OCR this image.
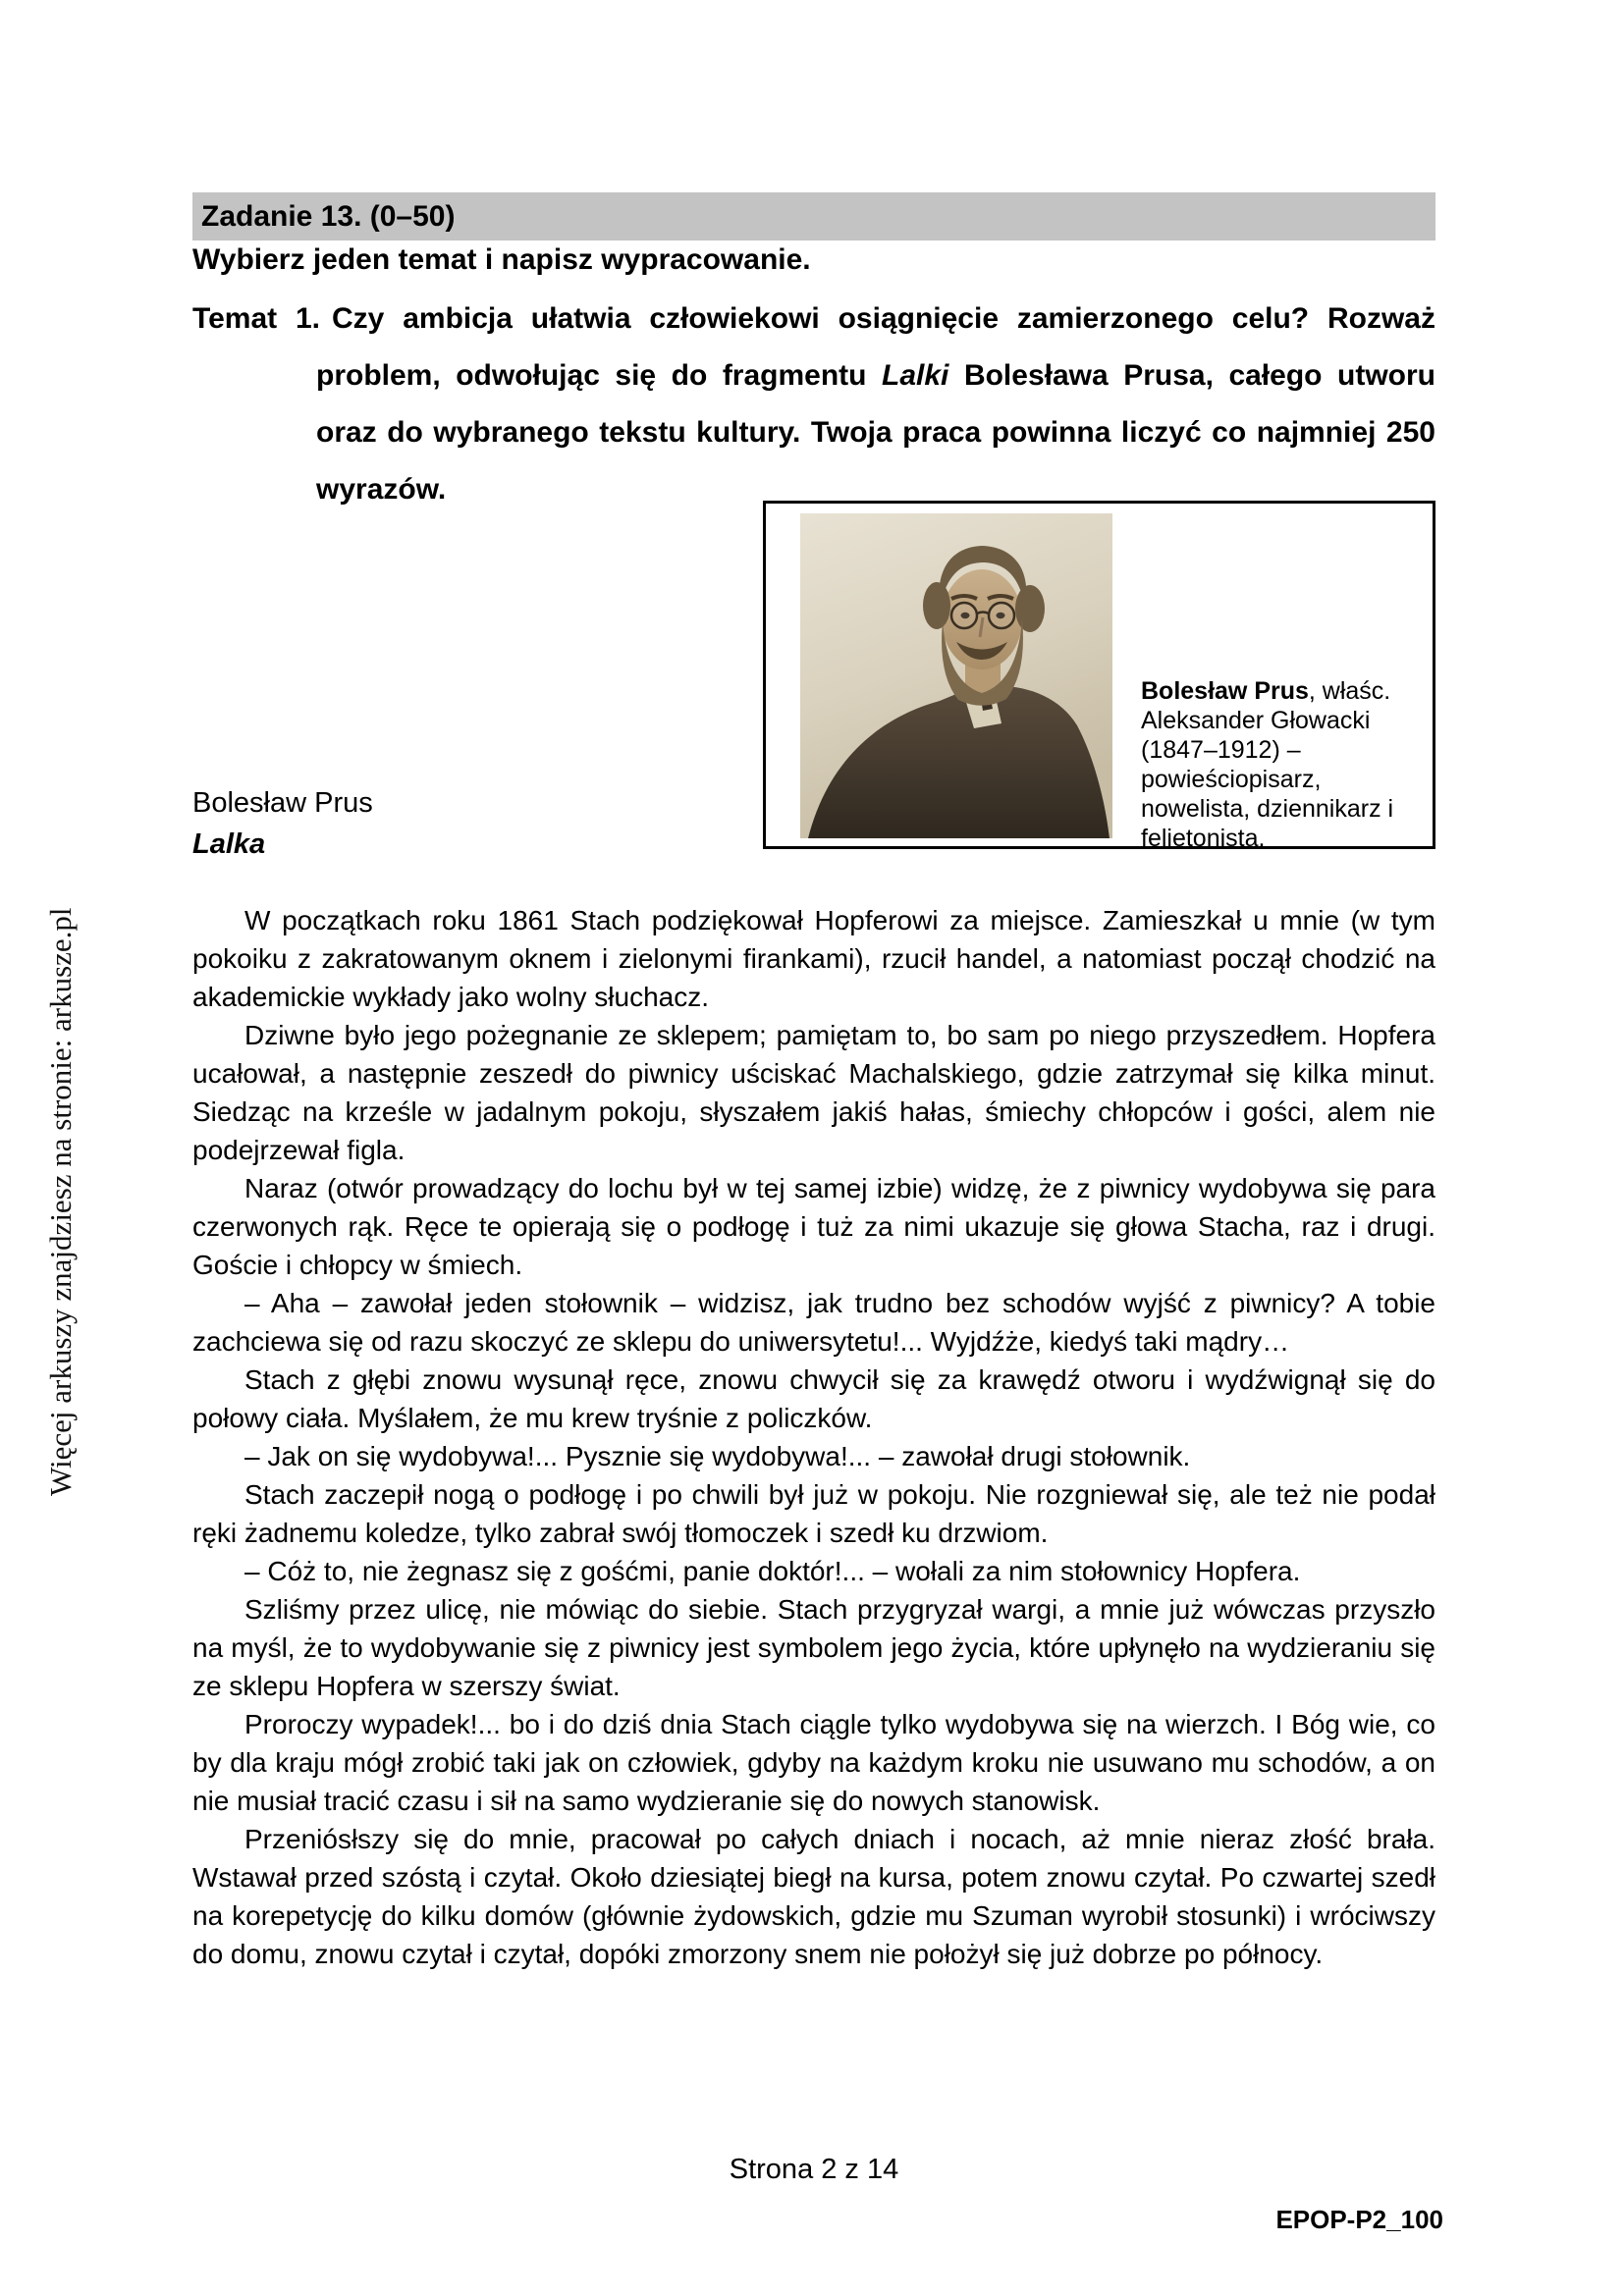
Więcej arkuszy znajdziesz na stronie: arkusze.pl
Zadanie 13. (0–50)

Wybierz jeden temat i napisz wypracowanie.

Temat 1. Czy ambicja ułatwia człowiekowi osiągnięcie zamierzonego celu? Rozważ problem, odwołując się do fragmentu Lalki Bolesława Prusa, całego utworu oraz do wybranego tekstu kultury. Twoja praca powinna liczyć co najmniej 250 wyrazów.

Bolesław Prus, właśc. Aleksander Głowacki (1847–1912) – powieściopisarz, nowelista, dziennikarz i felietonista.

Bolesław Prus

Lalka

W początkach roku 1861 Stach podziękował Hopferowi za miejsce. Zamieszkał u mnie (w tym pokoiku z zakratowanym oknem i zielonymi firankami), rzucił handel, a natomiast począł chodzić na akademickie wykłady jako wolny słuchacz.

Dziwne było jego pożegnanie ze sklepem; pamiętam to, bo sam po niego przyszedłem. Hopfera ucałował, a następnie zeszedł do piwnicy uściskać Machalskiego, gdzie zatrzymał się kilka minut. Siedząc na krześle w jadalnym pokoju, słyszałem jakiś hałas, śmiechy chłopców i gości, alem nie podejrzewał figla.

Naraz (otwór prowadzący do lochu był w tej samej izbie) widzę, że z piwnicy wydobywa się para czerwonych rąk. Ręce te opierają się o podłogę i tuż za nimi ukazuje się głowa Stacha, raz i drugi. Goście i chłopcy w śmiech.

– Aha – zawołał jeden stołownik – widzisz, jak trudno bez schodów wyjść z piwnicy? A tobie zachciewa się od razu skoczyć ze sklepu do uniwersytetu!... Wyjdźże, kiedyś taki mądry…

Stach z głębi znowu wysunął ręce, znowu chwycił się za krawędź otworu i wydźwignął się do połowy ciała. Myślałem, że mu krew tryśnie z policzków.

– Jak on się wydobywa!... Pysznie się wydobywa!... – zawołał drugi stołownik.

Stach zaczepił nogą o podłogę i po chwili był już w pokoju. Nie rozgniewał się, ale też nie podał ręki żadnemu koledze, tylko zabrał swój tłomoczek i szedł ku drzwiom.

– Cóż to, nie żegnasz się z gośćmi, panie doktór!... – wołali za nim stołownicy Hopfera.

Szliśmy przez ulicę, nie mówiąc do siebie. Stach przygryzał wargi, a mnie już wówczas przyszło na myśl, że to wydobywanie się z piwnicy jest symbolem jego życia, które upłynęło na wydzieraniu się ze sklepu Hopfera w szerszy świat.

Proroczy wypadek!... bo i do dziś dnia Stach ciągle tylko wydobywa się na wierzch. I Bóg wie, co by dla kraju mógł zrobić taki jak on człowiek, gdyby na każdym kroku nie usuwano mu schodów, a on nie musiał tracić czasu i sił na samo wydzieranie się do nowych stanowisk.

Przeniósłszy się do mnie, pracował po całych dniach i nocach, aż mnie nieraz złość brała. Wstawał przed szóstą i czytał. Około dziesiątej biegł na kursa, potem znowu czytał. Po czwartej szedł na korepetycję do kilku domów (głównie żydowskich, gdzie mu Szuman wyrobił stosunki) i wróciwszy do domu, znowu czytał i czytał, dopóki zmorzony snem nie położył się już dobrze po północy.

Strona 2 z 14
EPOP-P2_100
